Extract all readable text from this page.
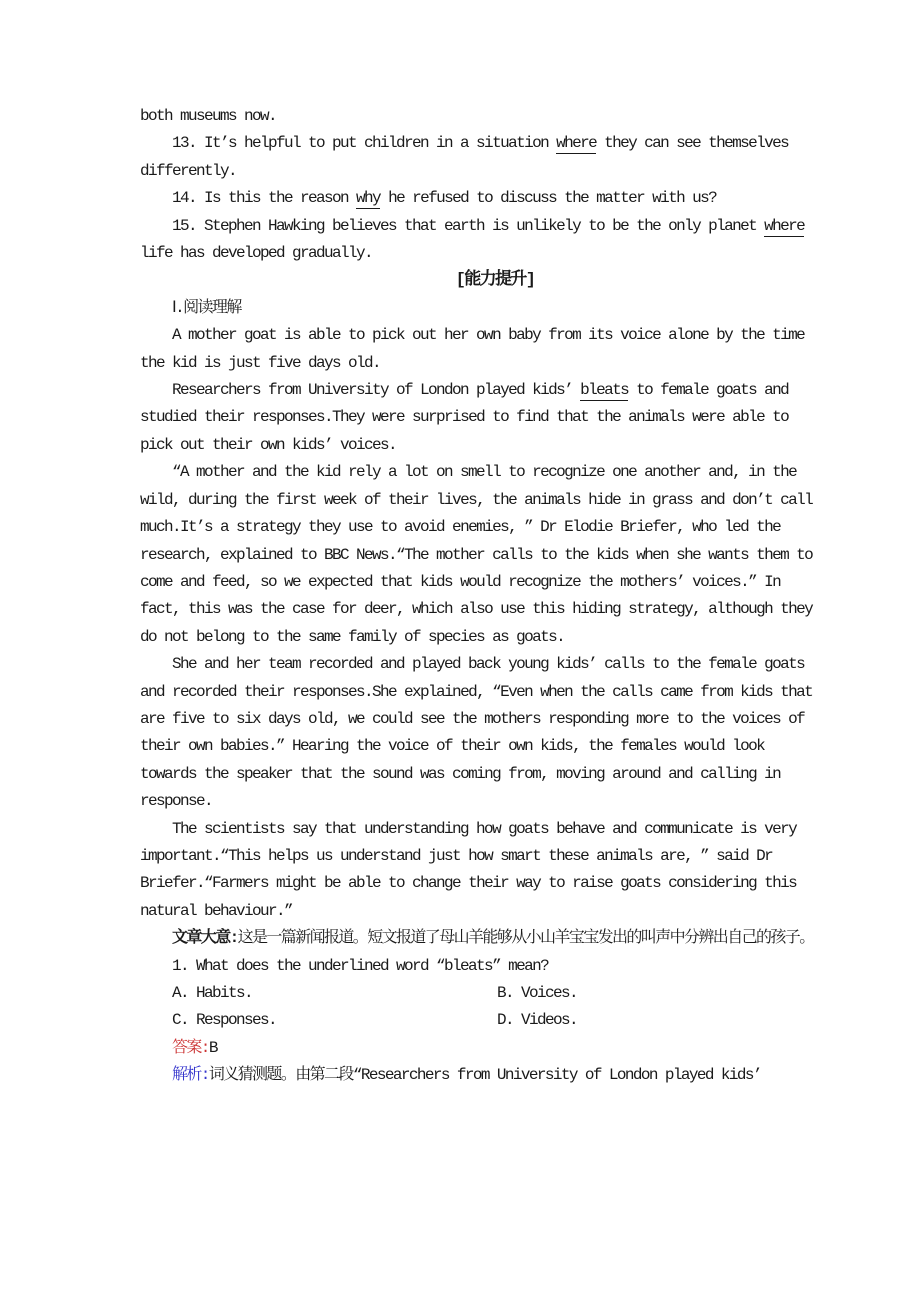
both museums now.

13. It’s helpful to put children in a situation where they can see themselves differently.

14. Is this the reason why he refused to discuss the matter with us?

15. Stephen Hawking believes that earth is unlikely to be the only planet where life has developed gradually.

[能力提升]

Ⅰ.阅读理解

A mother goat is able to pick out her own baby from its voice alone by the time the kid is just five days old.

Researchers from University of London played kids’ bleats to female goats and studied their responses.They were surprised to find that the animals were able to pick out their own kids’ voices.

“A mother and the kid rely a lot on smell to recognize one another and, in the wild, during the first week of their lives, the animals hide in grass and don’t call much.It’s a strategy they use to avoid enemies, ” Dr Elodie Briefer, who led the research, explained to BBC News.“The mother calls to the kids when she wants them to come and feed, so we expected that kids would recognize the mothers’ voices.” In fact, this was the case for deer, which also use this hiding strategy, although they do not belong to the same family of species as goats.

She and her team recorded and played back young kids’ calls to the female goats and recorded their responses.She explained, “Even when the calls came from kids that are five to six days old, we could see the mothers responding more to the voices of their own babies.” Hearing the voice of their own kids, the females would look towards the speaker that the sound was coming from, moving around and calling in response.

The scientists say that understanding how goats behave and communicate is very important.“This helps us understand just how smart these animals are, ” said Dr Briefer.“Farmers might be able to change their way to raise goats considering this natural behaviour.”

文章大意:这是一篇新闻报道。短文报道了母山羊能够从小山羊宝宝发出的叫声中分辨出自己的孩子。

1. What does the underlined word “bleats” mean?

A. Habits.	B. Voices.
C. Responses.	D. Videos.

答案:B

解析:词义猜测题。由第二段“Researchers from University of London played kids’
